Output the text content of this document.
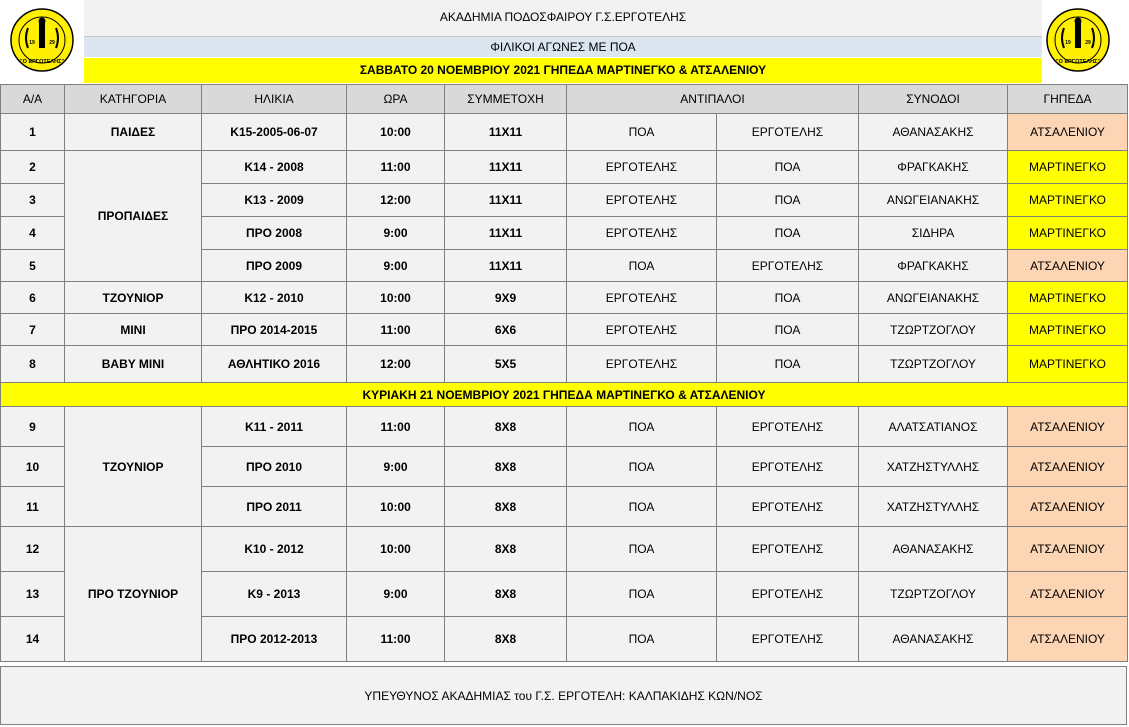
19	29
"Ο ΕΡΓΟΤΕΛΗΣ"
19	29
"Ο ΕΡΓΟΤΕΛΗΣ"
ΑΚΑΔΗΜΙΑ ΠΟΔΟΣΦΑΙΡΟΥ Γ.Σ.ΕΡΓΟΤΕΛΗΣ
ΦΙΛΙΚΟΙ ΑΓΩΝΕΣ ΜΕ ΠΟΑ
ΣΑΒΒΑΤΟ 20 ΝΟΕΜΒΡΙΟΥ 2021 ΓΗΠΕΔΑ ΜΑΡΤΙΝΕΓΚΟ & ΑΤΣΑΛΕΝΙΟΥ
Α/Α	ΚΑΤΗΓΟΡΙΑ	ΗΛΙΚΙΑ	ΩΡΑ	ΣΥΜΜΕΤΟΧΗ	ΑΝΤΙΠΑΛΟΙ		ΣΥΝΟΔΟΙ	ΓΗΠΕΔΑ
1	ΠΑΙΔΕΣ	Κ15-2005-06-07	10:00	11Χ11	ΠΟΑ	ΕΡΓΟΤΕΛΗΣ	ΑΘΑΝΑΣΑΚΗΣ	ΑΤΣΑΛΕΝΙΟΥ
2	ΠΡΟΠΑΙΔΕΣ	Κ14 - 2008	11:00	11Χ11	ΕΡΓΟΤΕΛΗΣ	ΠΟΑ	ΦΡΑΓΚΑΚΗΣ	ΜΑΡΤΙΝΕΓΚΟ
3		Κ13 - 2009	12:00	11Χ11	ΕΡΓΟΤΕΛΗΣ	ΠΟΑ	ΑΝΩΓΕΙΑΝΑΚΗΣ	ΜΑΡΤΙΝΕΓΚΟ
4		ΠΡΟ 2008	9:00	11Χ11	ΕΡΓΟΤΕΛΗΣ	ΠΟΑ	ΣΙΔΗΡΑ	ΜΑΡΤΙΝΕΓΚΟ
5		ΠΡΟ 2009	9:00	11Χ11	ΠΟΑ	ΕΡΓΟΤΕΛΗΣ	ΦΡΑΓΚΑΚΗΣ	ΑΤΣΑΛΕΝΙΟΥ
6	ΤΖΟΥΝΙΟΡ	Κ12 - 2010	10:00	9Χ9	ΕΡΓΟΤΕΛΗΣ	ΠΟΑ	ΑΝΩΓΕΙΑΝΑΚΗΣ	ΜΑΡΤΙΝΕΓΚΟ
7	MINI	ΠΡΟ 2014-2015	11:00	6Χ6	ΕΡΓΟΤΕΛΗΣ	ΠΟΑ	ΤΖΩΡΤΖΟΓΛΟΥ	ΜΑΡΤΙΝΕΓΚΟ
8	BABY MINI	ΑΘΛΗΤΙΚΟ 2016	12:00	5Χ5	ΕΡΓΟΤΕΛΗΣ	ΠΟΑ	ΤΖΩΡΤΖΟΓΛΟΥ	ΜΑΡΤΙΝΕΓΚΟ
ΚΥΡΙΑΚΗ 21 ΝΟΕΜΒΡΙΟΥ 2021 ΓΗΠΕΔΑ ΜΑΡΤΙΝΕΓΚΟ & ΑΤΣΑΛΕΝΙΟΥ								
9	ΤΖΟΥΝΙΟΡ	Κ11 - 2011	11:00	8Χ8	ΠΟΑ	ΕΡΓΟΤΕΛΗΣ	ΑΛΑΤΣΑΤΙΑΝΟΣ	ΑΤΣΑΛΕΝΙΟΥ
10		ΠΡΟ 2010	9:00	8Χ8	ΠΟΑ	ΕΡΓΟΤΕΛΗΣ	ΧΑΤΖΗΣΤΥΛΛΗΣ	ΑΤΣΑΛΕΝΙΟΥ
11		ΠΡΟ 2011	10:00	8Χ8	ΠΟΑ	ΕΡΓΟΤΕΛΗΣ	ΧΑΤΖΗΣΤΥΛΛΗΣ	ΑΤΣΑΛΕΝΙΟΥ
12	ΠΡΟ ΤΖΟΥΝΙΟΡ	Κ10 - 2012	10:00	8Χ8	ΠΟΑ	ΕΡΓΟΤΕΛΗΣ	ΑΘΑΝΑΣΑΚΗΣ	ΑΤΣΑΛΕΝΙΟΥ
13		Κ9 - 2013	9:00	8Χ8	ΠΟΑ	ΕΡΓΟΤΕΛΗΣ	ΤΖΩΡΤΖΟΓΛΟΥ	ΑΤΣΑΛΕΝΙΟΥ
14		ΠΡΟ 2012-2013	11:00	8Χ8	ΠΟΑ	ΕΡΓΟΤΕΛΗΣ	ΑΘΑΝΑΣΑΚΗΣ	ΑΤΣΑΛΕΝΙΟΥ
ΥΠΕΥΘΥΝΟΣ ΑΚΑΔΗΜΙΑΣ του Γ.Σ. ΕΡΓΟΤΕΛΗ: ΚΑΛΠΑΚΙΔΗΣ ΚΩΝ/ΝΟΣ
